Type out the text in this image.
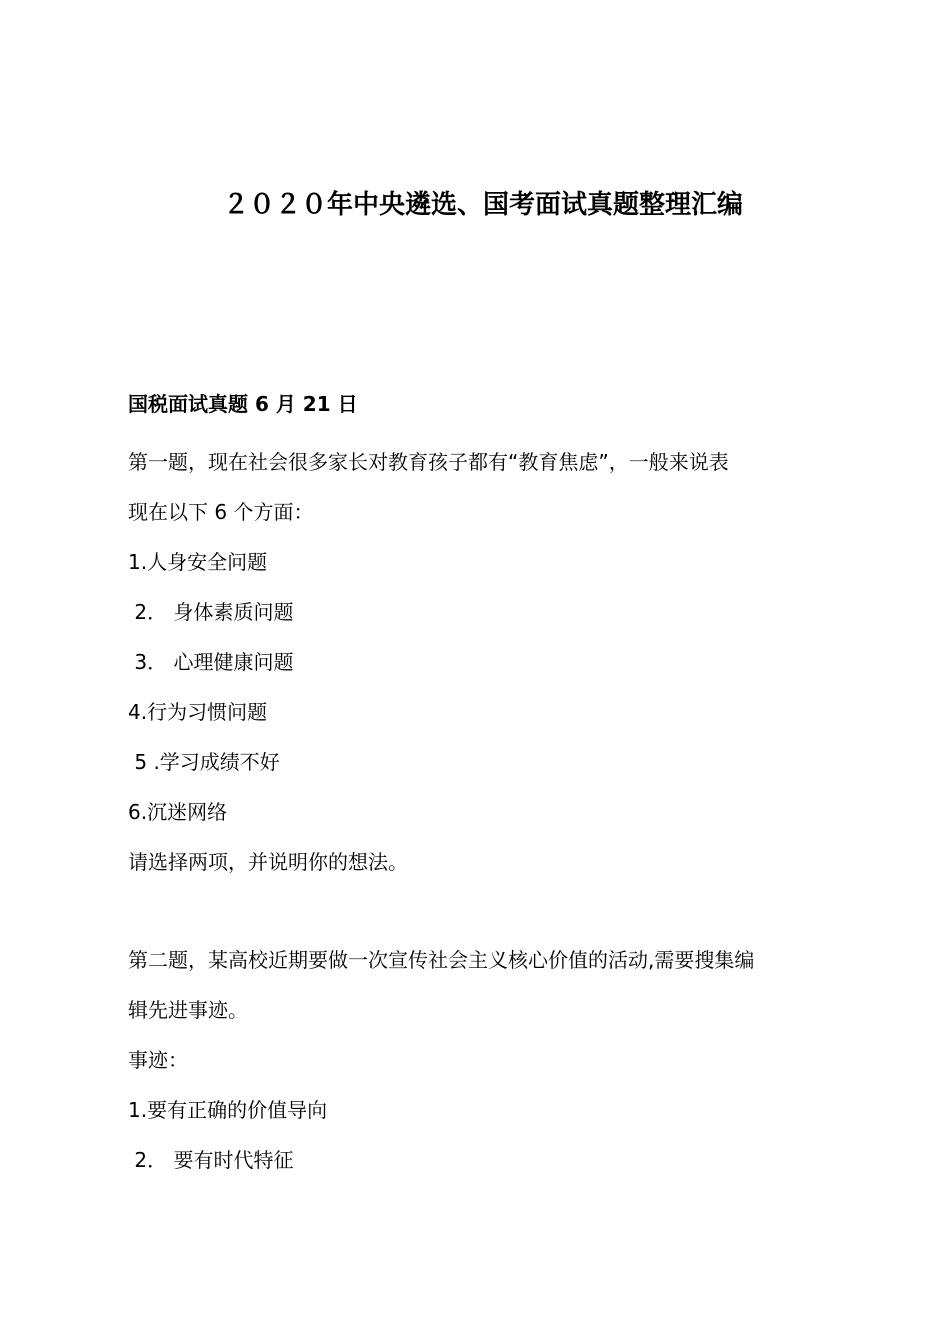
２０２０年中央遴选、国考面试真题整理汇编

国税面试真题 6 月 21 日

第一题，现在社会很多家长对教育孩子都有“教育焦虑”，一般来说表

现在以下 6 个方面：

1.人身安全问题

2． 身体素质问题

3． 心理健康问题

4.行为习惯问题

5 .学习成绩不好

6.沉迷网络

请选择两项，并说明你的想法。

第二题，某高校近期要做一次宣传社会主义核心价值的活动,需要搜集编

辑先进事迹。

事迹：

1.要有正确的价值导向

2． 要有时代特征
